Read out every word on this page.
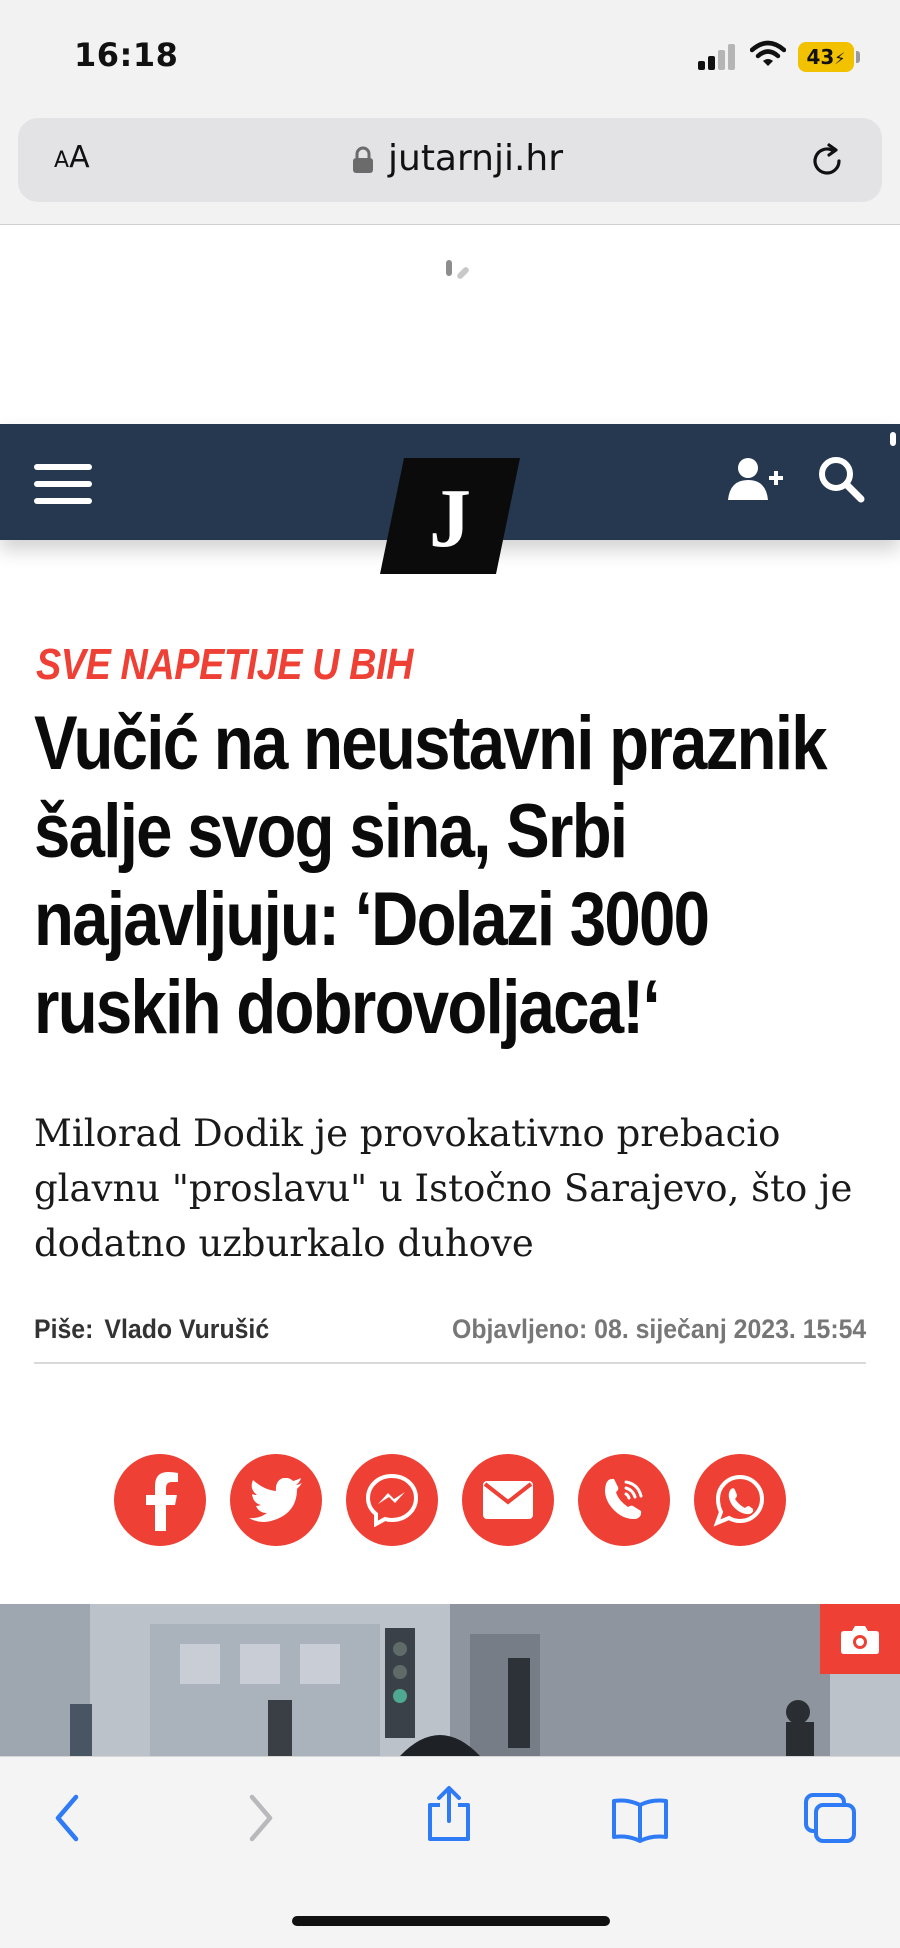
16:18	43⚡
AA	jutarnji.hr
J
SVE NAPETIJE U BIH
Vučić na neustavni praznik šalje svog sina, Srbi najavljuju: ‘Dolazi 3000 ruskih dobrovoljaca!‘
Milorad Dodik je provokativno prebacio glavnu "proslavu" u Istočno Sarajevo, što je dodatno uzburkalo duhove
Piše: Vlado Vurušić	Objavljeno: 08. siječanj 2023. 15:54
